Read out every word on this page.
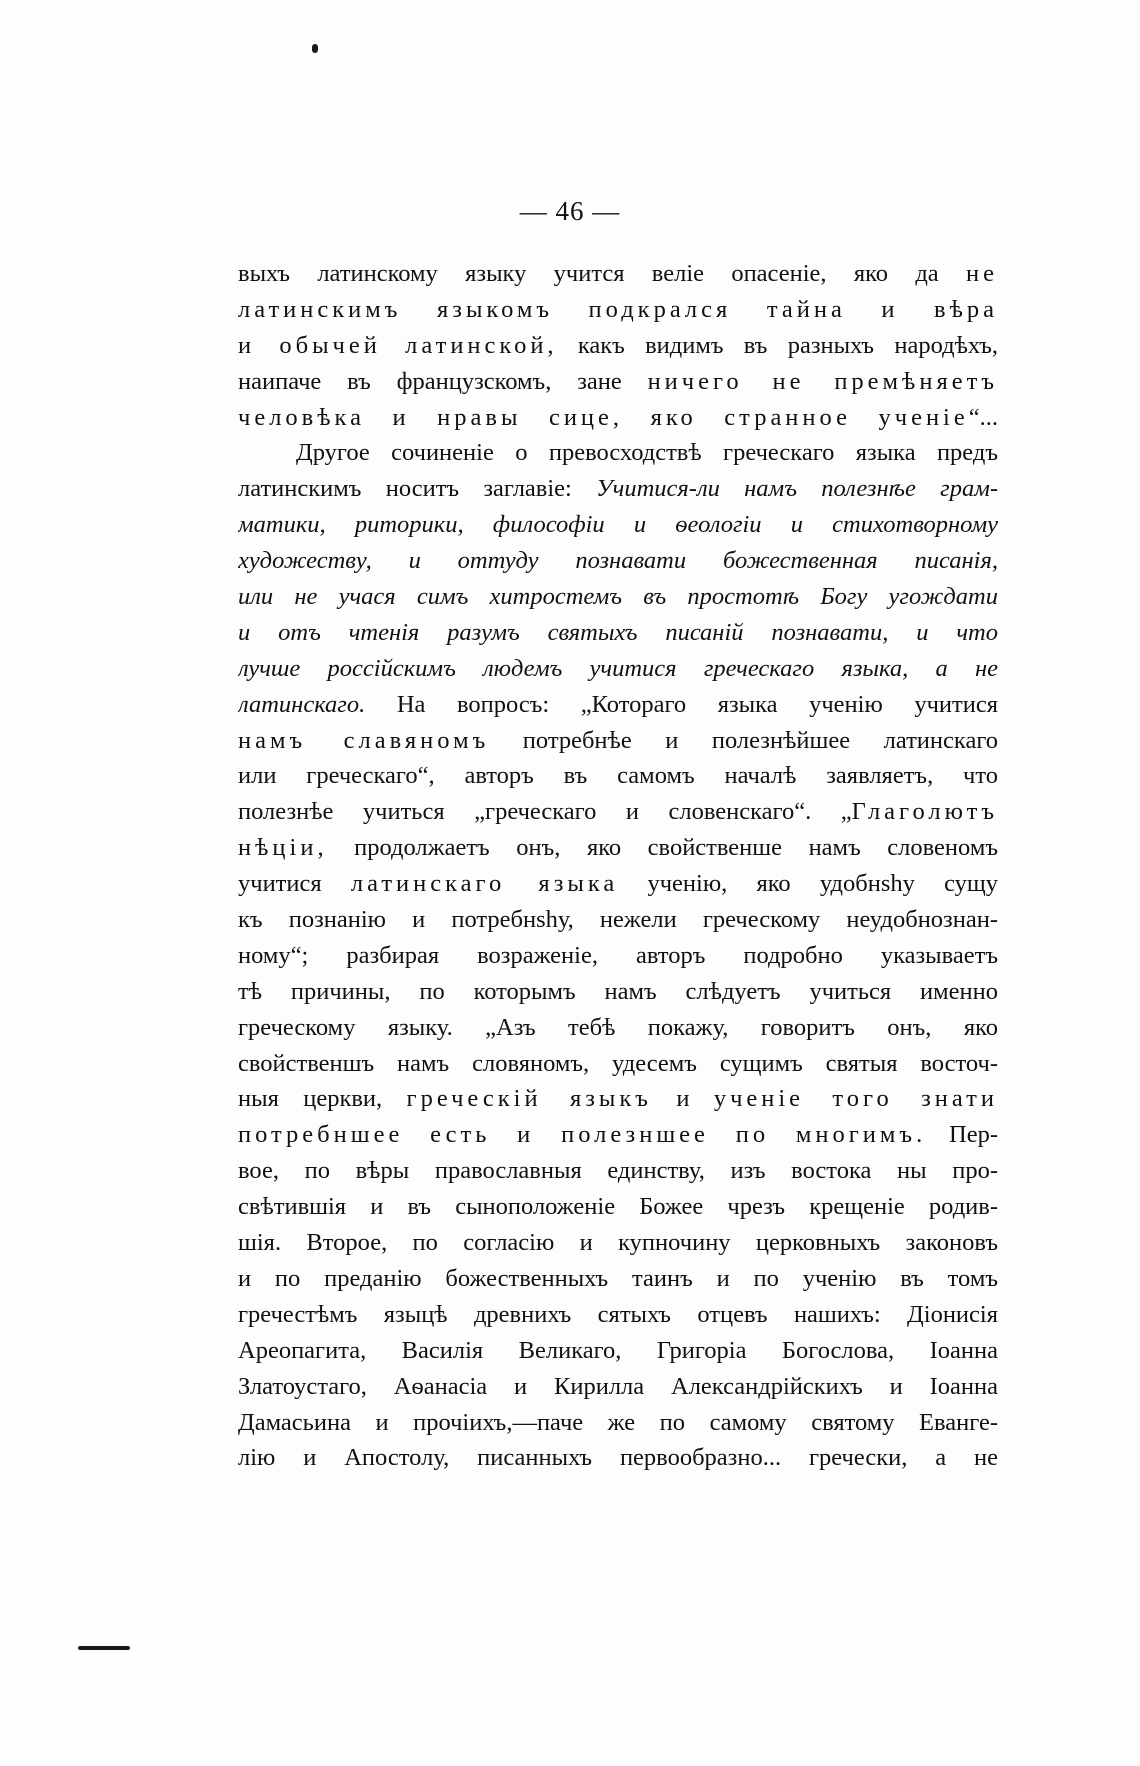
— 46 —
выхъ латинскому языку учится веліе опасеніе, яко да не
латинскимъ языкомъ подкрался тайна и вѣра
и обычей латинской, какъ видимъ въ разныхъ народѣхъ,
наипаче въ французскомъ, зане ничего не премѣняетъ
человѣка и нравы сице, яко странное ученіе“...
Другое сочиненіе о превосходствѣ греческаго языка предъ
латинскимъ носитъ заглавіе: Учитися-ли намъ полезнѣе грам-
матики, риторики, философіи и ѳеологіи и стихотворному
художеству, и оттуду познавати божественная писанія,
или не учася симъ хитростемъ въ простотѣ Богу угождати
и отъ чтенія разумъ святыхъ писаній познавати, и что
лучше россійскимъ людемъ учитися греческаго языка, а не
латинскаго. На вопросъ: „Котораго языка ученію учитися
намъ славяномъ потребнѣе и полезнѣйшее латинскаго
или греческаго“, авторъ въ самомъ началѣ заявляетъ, что
полезнѣе учиться „греческаго и словенскаго“. „Глаголютъ
нѣціи, продолжаетъ онъ, яко свойственше намъ словеномъ
учитися латинскаго языка ученію, яко удобнshу сущу
къ познанію и потребнshу, нежели греческому неудобнознан-
ному“; разбирая возраженіе, авторъ подробно указываетъ
тѣ причины, по которымъ намъ слѣдуетъ учиться именно
греческому языку. „Азъ тебѣ покажу, говоритъ онъ, яко
свойственшъ намъ словяномъ, удесемъ сущимъ святыя восточ-
ныя церкви, греческій языкъ и ученіе того знати
потребншее есть и полезншее по многимъ. Пер-
вое, по вѣры православныя единству, изъ востока ны про-
свѣтившія и въ сыноположеніе Божее чрезъ крещеніе родив-
шія. Второе, по согласію и купночину церковныхъ законовъ
и по преданію божественныхъ таинъ и по ученію въ томъ
гречестѣмъ языцѣ древнихъ сятыхъ отцевъ нашихъ: Діонисія
Ареопагита, Василія Великаго, Григоріа Богослова, Іоанна
Златоустаго, Аѳанасіа и Кирилла Александрійскихъ и Іоанна
Дамасьина и прочіихъ,—паче же по самому святому Еванге-
лію и Апостолу, писанныхъ первообразно... гречески, а не
